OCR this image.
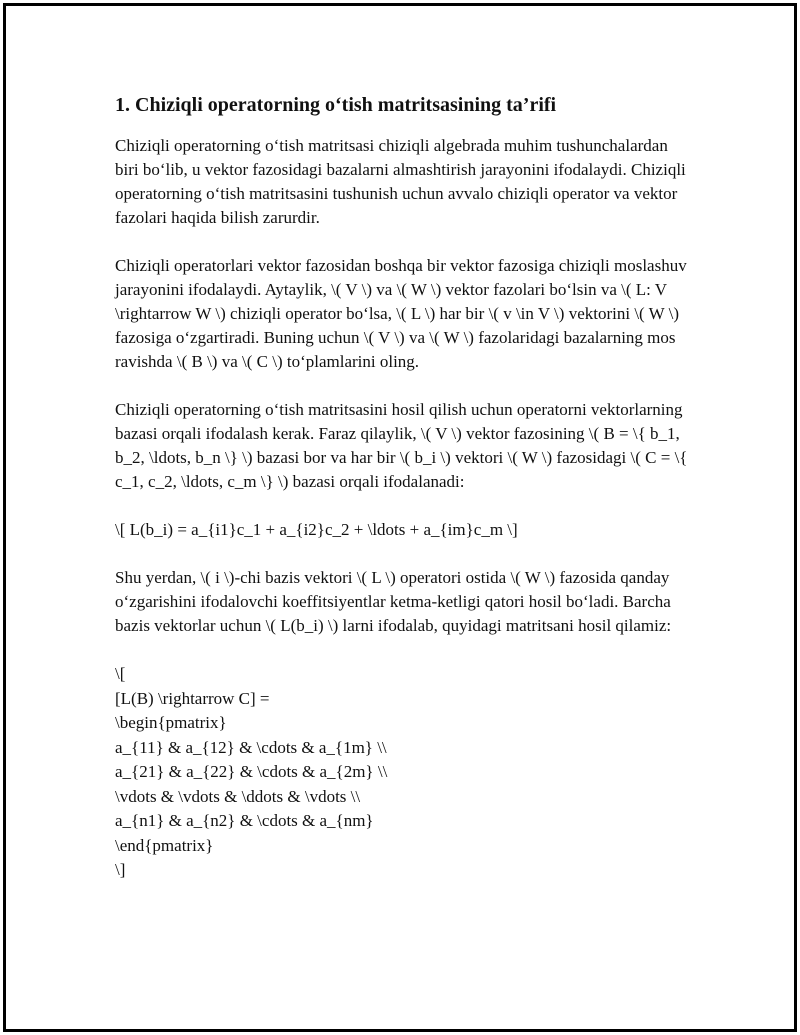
1. Chiziqli operatorning o‘tish matritsasining ta’rifi

Chiziqli operatorning o‘tish matritsasi chiziqli algebrada muhim tushunchalardan biri bo‘lib, u vektor fazosidagi bazalarni almashtirish jarayonini ifodalaydi. Chiziqli operatorning o‘tish matritsasini tushunish uchun avvalo chiziqli operator va vektor fazolari haqida bilish zarurdir.

Chiziqli operatorlari vektor fazosidan boshqa bir vektor fazosiga chiziqli moslashuv jarayonini ifodalaydi. Aytaylik, \( V \) va \( W \) vektor fazolari bo‘lsin va \( L: V \rightarrow W \) chiziqli operator bo‘lsa, \( L \) har bir \( v \in V \) vektorini \( W \) fazosiga o‘zgartiradi. Buning uchun \( V \) va \( W \) fazolaridagi bazalarning mos ravishda \( B \) va \( C \) to‘plamlarini oling.

Chiziqli operatorning o‘tish matritsasini hosil qilish uchun operatorni vektorlarning bazasi orqali ifodalash kerak. Faraz qilaylik, \( V \) vektor fazosining \( B = \{ b_1, b_2, \ldots, b_n \} \) bazasi bor va har bir \( b_i \) vektori \( W \) fazosidagi \( C = \{ c_1, c_2, \ldots, c_m \} \) bazasi orqali ifodalanadi:

\[ L(b_i) = a_{i1}c_1 + a_{i2}c_2 + \ldots + a_{im}c_m \]

Shu yerdan, \( i \)-chi bazis vektori \( L \) operatori ostida \( W \) fazosida qanday o‘zgarishini ifodalovchi koeffitsiyentlar ketma-ketligi qatori hosil bo‘ladi. Barcha bazis vektorlar uchun \( L(b_i) \) larni ifodalab, quyidagi matritsani hosil qilamiz:

\[
[L(B) \rightarrow C] =
\begin{pmatrix}
a_{11} & a_{12} & \cdots & a_{1m} \\
a_{21} & a_{22} & \cdots & a_{2m} \\
\vdots & \vdots & \ddots & \vdots \\
a_{n1} & a_{n2} & \cdots & a_{nm}
\end{pmatrix}
\]
